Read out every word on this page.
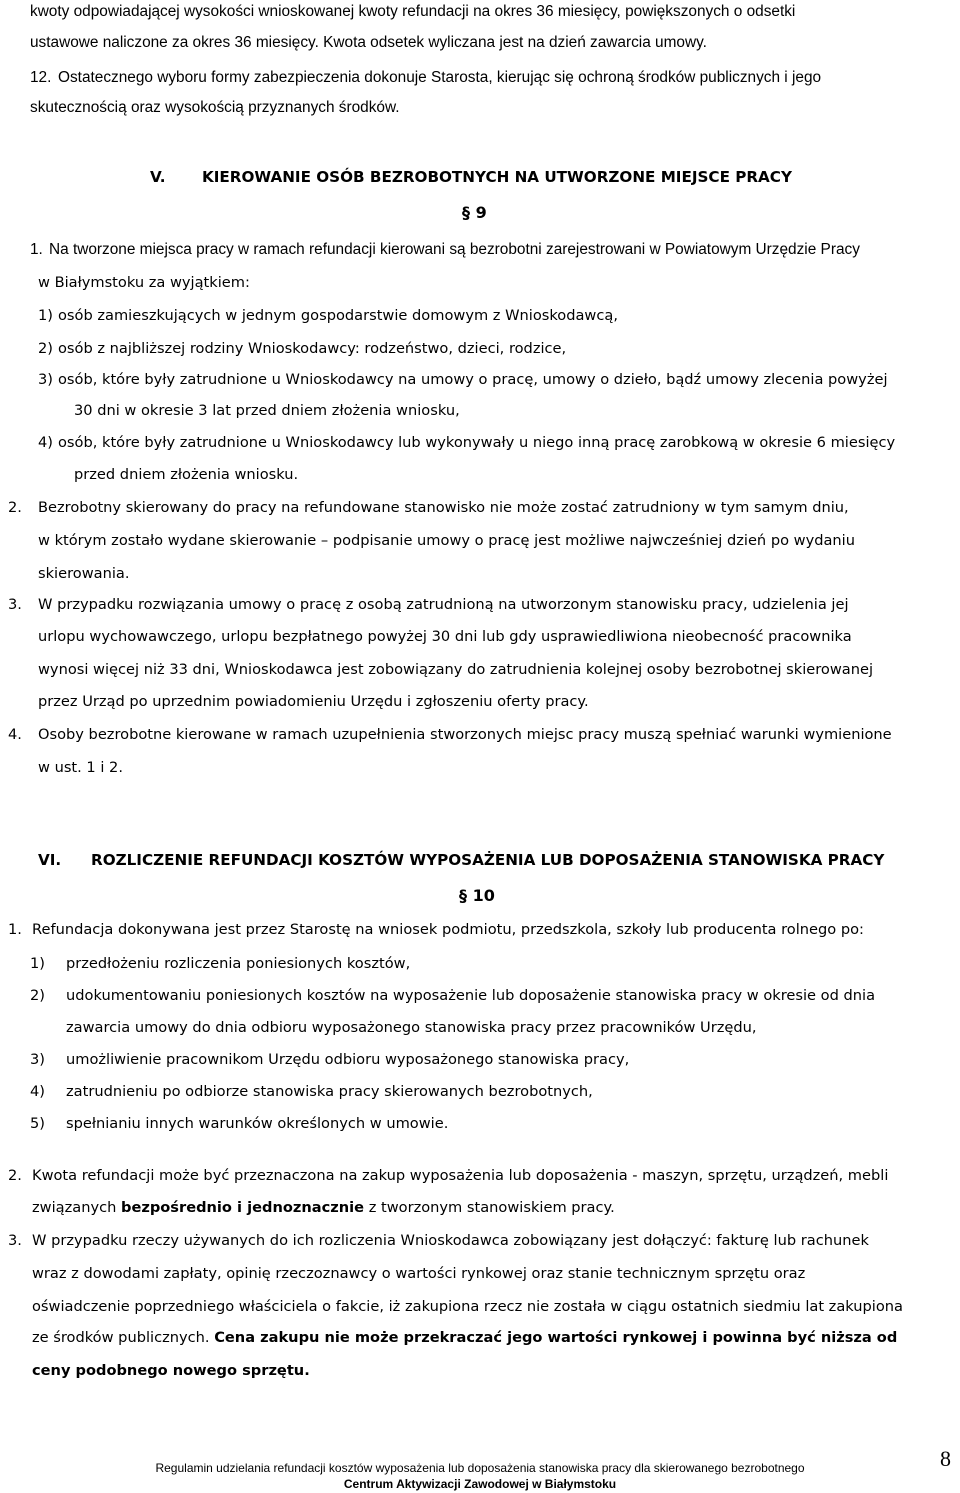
kwoty odpowiadającej wysokości wnioskowanej kwoty refundacji na okres 36 miesięcy, powiększonych o odsetki
ustawowe naliczone za okres 36 miesięcy. Kwota odsetek wyliczana jest na dzień zawarcia umowy.
12. Ostatecznego wyboru formy zabezpieczenia dokonuje Starosta, kierując się ochroną środków publicznych i jego
skutecznością oraz wysokością przyznanych środków.
V. KIEROWANIE OSÓB BEZROBOTNYCH NA UTWORZONE MIEJSCE PRACY
§ 9
1. Na tworzone miejsca pracy w ramach refundacji kierowani są bezrobotni zarejestrowani w Powiatowym Urzędzie Pracy
w Białymstoku za wyjątkiem:
1) osób zamieszkujących w jednym gospodarstwie domowym z Wnioskodawcą,
2) osób z najbliższej rodziny Wnioskodawcy: rodzeństwo, dzieci, rodzice,
3) osób, które były zatrudnione u Wnioskodawcy na umowy o pracę, umowy o dzieło, bądź umowy zlecenia powyżej
30 dni w okresie 3 lat przed dniem złożenia wniosku,
4) osób, które były zatrudnione u Wnioskodawcy lub wykonywały u niego inną pracę zarobkową w okresie 6 miesięcy
przed dniem złożenia wniosku.
2. Bezrobotny skierowany do pracy na refundowane stanowisko nie może zostać zatrudniony w tym samym dniu,
w którym zostało wydane skierowanie – podpisanie umowy o pracę jest możliwe najwcześniej dzień po wydaniu
skierowania.
3. W przypadku rozwiązania umowy o pracę z osobą zatrudnioną na utworzonym stanowisku pracy, udzielenia jej
urlopu wychowawczego, urlopu bezpłatnego powyżej 30 dni lub gdy usprawiedliwiona nieobecność pracownika
wynosi więcej niż 33 dni, Wnioskodawca jest zobowiązany do zatrudnienia kolejnej osoby bezrobotnej skierowanej
przez Urząd po uprzednim powiadomieniu Urzędu i zgłoszeniu oferty pracy.
4. Osoby bezrobotne kierowane w ramach uzupełnienia stworzonych miejsc pracy muszą spełniać warunki wymienione
w ust. 1 i 2.
VI. ROZLICZENIE REFUNDACJI KOSZTÓW WYPOSAŻENIA LUB DOPOSAŻENIA STANOWISKA PRACY
§ 10
1. Refundacja dokonywana jest przez Starostę na wniosek podmiotu, przedszkola, szkoły lub producenta rolnego po:
1) przedłożeniu rozliczenia poniesionych kosztów,
2) udokumentowaniu poniesionych kosztów na wyposażenie lub doposażenie stanowiska pracy w okresie od dnia
zawarcia umowy do dnia odbioru wyposażonego stanowiska pracy przez pracowników Urzędu,
3) umożliwienie pracownikom Urzędu odbioru wyposażonego stanowiska pracy,
4) zatrudnieniu po odbiorze stanowiska pracy skierowanych bezrobotnych,
5) spełnianiu innych warunków określonych w umowie.
2. Kwota refundacji może być przeznaczona na zakup wyposażenia lub doposażenia - maszyn, sprzętu, urządzeń, mebli
związanych bezpośrednio i jednoznacznie z tworzonym stanowiskiem pracy.
3. W przypadku rzeczy używanych do ich rozliczenia Wnioskodawca zobowiązany jest dołączyć: fakturę lub rachunek
wraz z dowodami zapłaty, opinię rzeczoznawcy o wartości rynkowej oraz stanie technicznym sprzętu oraz
oświadczenie poprzedniego właściciela o fakcie, iż zakupiona rzecz nie została w ciągu ostatnich siedmiu lat zakupiona
ze środków publicznych. Cena zakupu nie może przekraczać jego wartości rynkowej i powinna być niższa od
ceny podobnego nowego sprzętu.
Regulamin udzielania refundacji kosztów wyposażenia lub doposażenia stanowiska pracy dla skierowanego bezrobotnego
Centrum Aktywizacji Zawodowej w Białymstoku
8
